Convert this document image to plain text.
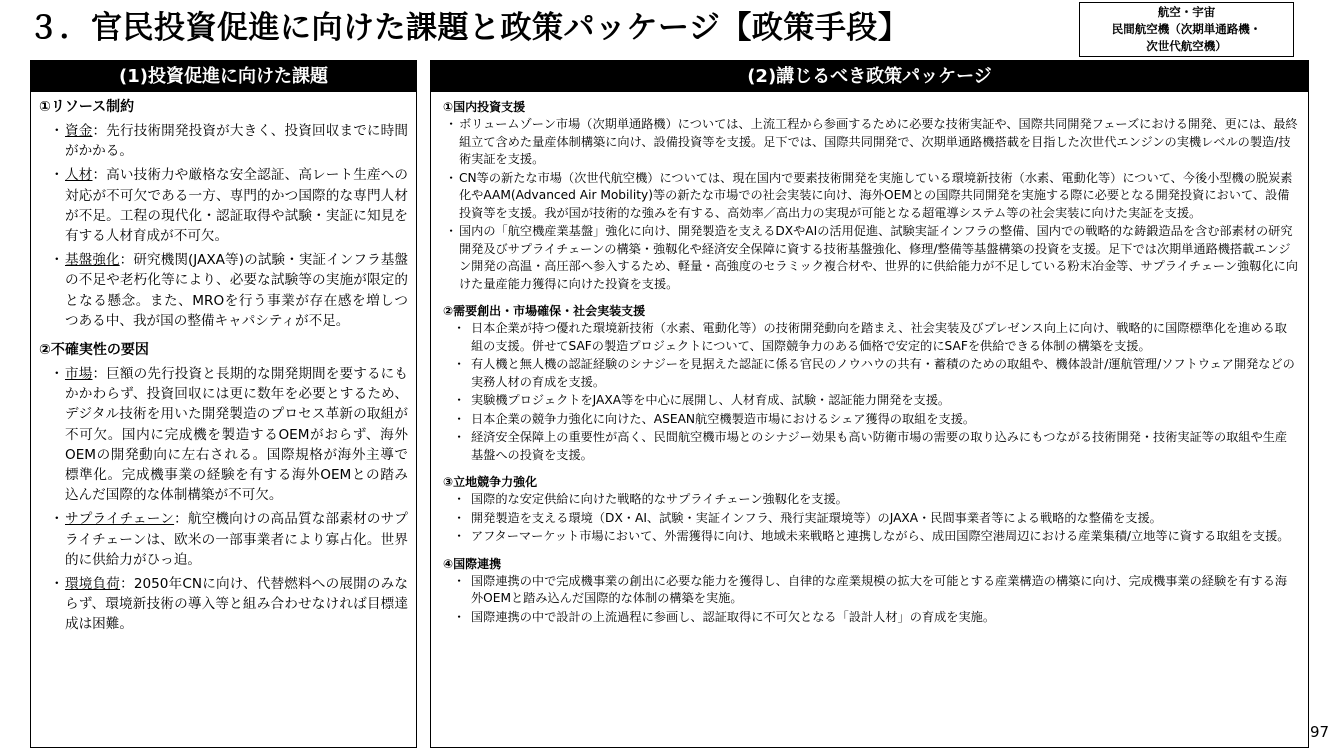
３．官民投資促進に向けた課題と政策パッケージ【政策手段】	航空・宇宙
民間航空機（次期単通路機・
次世代航空機）
(1)投資促進に向けた課題
①リソース制約
・ 資金：先行技術開発投資が大きく、投資回収までに時間がかかる。
・ 人材：高い技術力や厳格な安全認証、高レート生産への対応が不可欠である一方、専門的かつ国際的な専門人材が不足。工程の現代化・認証取得や試験・実証に知見を有する人材育成が不可欠。
・ 基盤強化：研究機関(JAXA等)の試験・実証インフラ基盤の不足や老朽化等により、必要な試験等の実施が限定的となる懸念。また、MROを行う事業が存在感を増しつつある中、我が国の整備キャパシティが不足。
②不確実性の要因
・ 市場：巨額の先行投資と長期的な開発期間を要するにもかかわらず、投資回収には更に数年を必要とするため、デジタル技術を用いた開発製造のプロセス革新の取組が不可欠。国内に完成機を製造するOEMがおらず、海外OEMの開発動向に左右される。国際規格が海外主導で標準化。完成機事業の経験を有する海外OEMとの踏み込んだ国際的な体制構築が不可欠。
・ サプライチェーン：航空機向けの高品質な部素材のサプライチェーンは、欧米の一部事業者により寡占化。世界的に供給力がひっ迫。
・ 環境負荷：2050年CNに向け、代替燃料への展開のみならず、環境新技術の導入等と組み合わせなければ目標達成は困難。
(2)講じるべき政策パッケージ
①国内投資支援
・ ボリュームゾーン市場（次期単通路機）については、上流工程から参画するために必要な技術実証や、国際共同開発フェーズにおける開発、更には、最終組立て含めた量産体制構築に向け、設備投資等を支援。足下では、国際共同開発で、次期単通路機搭載を目指した次世代エンジンの実機レベルの製造/技術実証を支援。
・ CN等の新たな市場（次世代航空機）については、現在国内で要素技術開発を実施している環境新技術（水素、電動化等）について、今後小型機の脱炭素化やAAM(Advanced Air Mobility)等の新たな市場での社会実装に向け、海外OEMとの国際共同開発を実施する際に必要となる開発投資において、設備投資等を支援。我が国が技術的な強みを有する、高効率／高出力の実現が可能となる超電導システム等の社会実装に向けた実証を支援。
・ 国内の「航空機産業基盤」強化に向け、開発製造を支えるDXやAIの活用促進、試験実証インフラの整備、国内での戦略的な鋳鍛造品を含む部素材の研究開発及びサプライチェーンの構築・強靱化や経済安全保障に資する技術基盤強化、修理/整備等基盤構築の投資を支援。足下では次期単通路機搭載エンジン開発の高温・高圧部へ参入するため、軽量・高強度のセラミック複合材や、世界的に供給能力が不足している粉末冶金等、サプライチェーン強靱化に向けた量産能力獲得に向けた投資を支援。
②需要創出・市場確保・社会実装支援
・ 日本企業が持つ優れた環境新技術（水素、電動化等）の技術開発動向を踏まえ、社会実装及びプレゼンス向上に向け、戦略的に国際標準化を進める取組の支援。併せてSAFの製造プロジェクトについて、国際競争力のある価格で安定的にSAFを供給できる体制の構築を支援。
・ 有人機と無人機の認証経験のシナジーを見据えた認証に係る官民のノウハウの共有・蓄積のための取組や、機体設計/運航管理/ソフトウェア開発などの実務人材の育成を支援。
・ 実験機プロジェクトをJAXA等を中心に展開し、人材育成、試験・認証能力開発を支援。
・ 日本企業の競争力強化に向けた、ASEAN航空機製造市場におけるシェア獲得の取組を支援。
・ 経済安全保障上の重要性が高く、民間航空機市場とのシナジー効果も高い防衛市場の需要の取り込みにもつながる技術開発・技術実証等の取組や生産基盤への投資を支援。
③立地競争力強化
・ 国際的な安定供給に向けた戦略的なサプライチェーン強靱化を支援。
・ 開発製造を支える環境（DX・AI、試験・実証インフラ、飛行実証環境等）のJAXA・民間事業者等による戦略的な整備を支援。
・ アフターマーケット市場において、外需獲得に向け、地域未来戦略と連携しながら、成田国際空港周辺における産業集積/立地等に資する取組を支援。
④国際連携
・ 国際連携の中で完成機事業の創出に必要な能力を獲得し、自律的な産業規模の拡大を可能とする産業構造の構築に向け、完成機事業の経験を有する海外OEMと踏み込んだ国際的な体制の構築を実施。
・ 国際連携の中で設計の上流過程に参画し、認証取得に不可欠となる「設計人材」の育成を実施。
97
